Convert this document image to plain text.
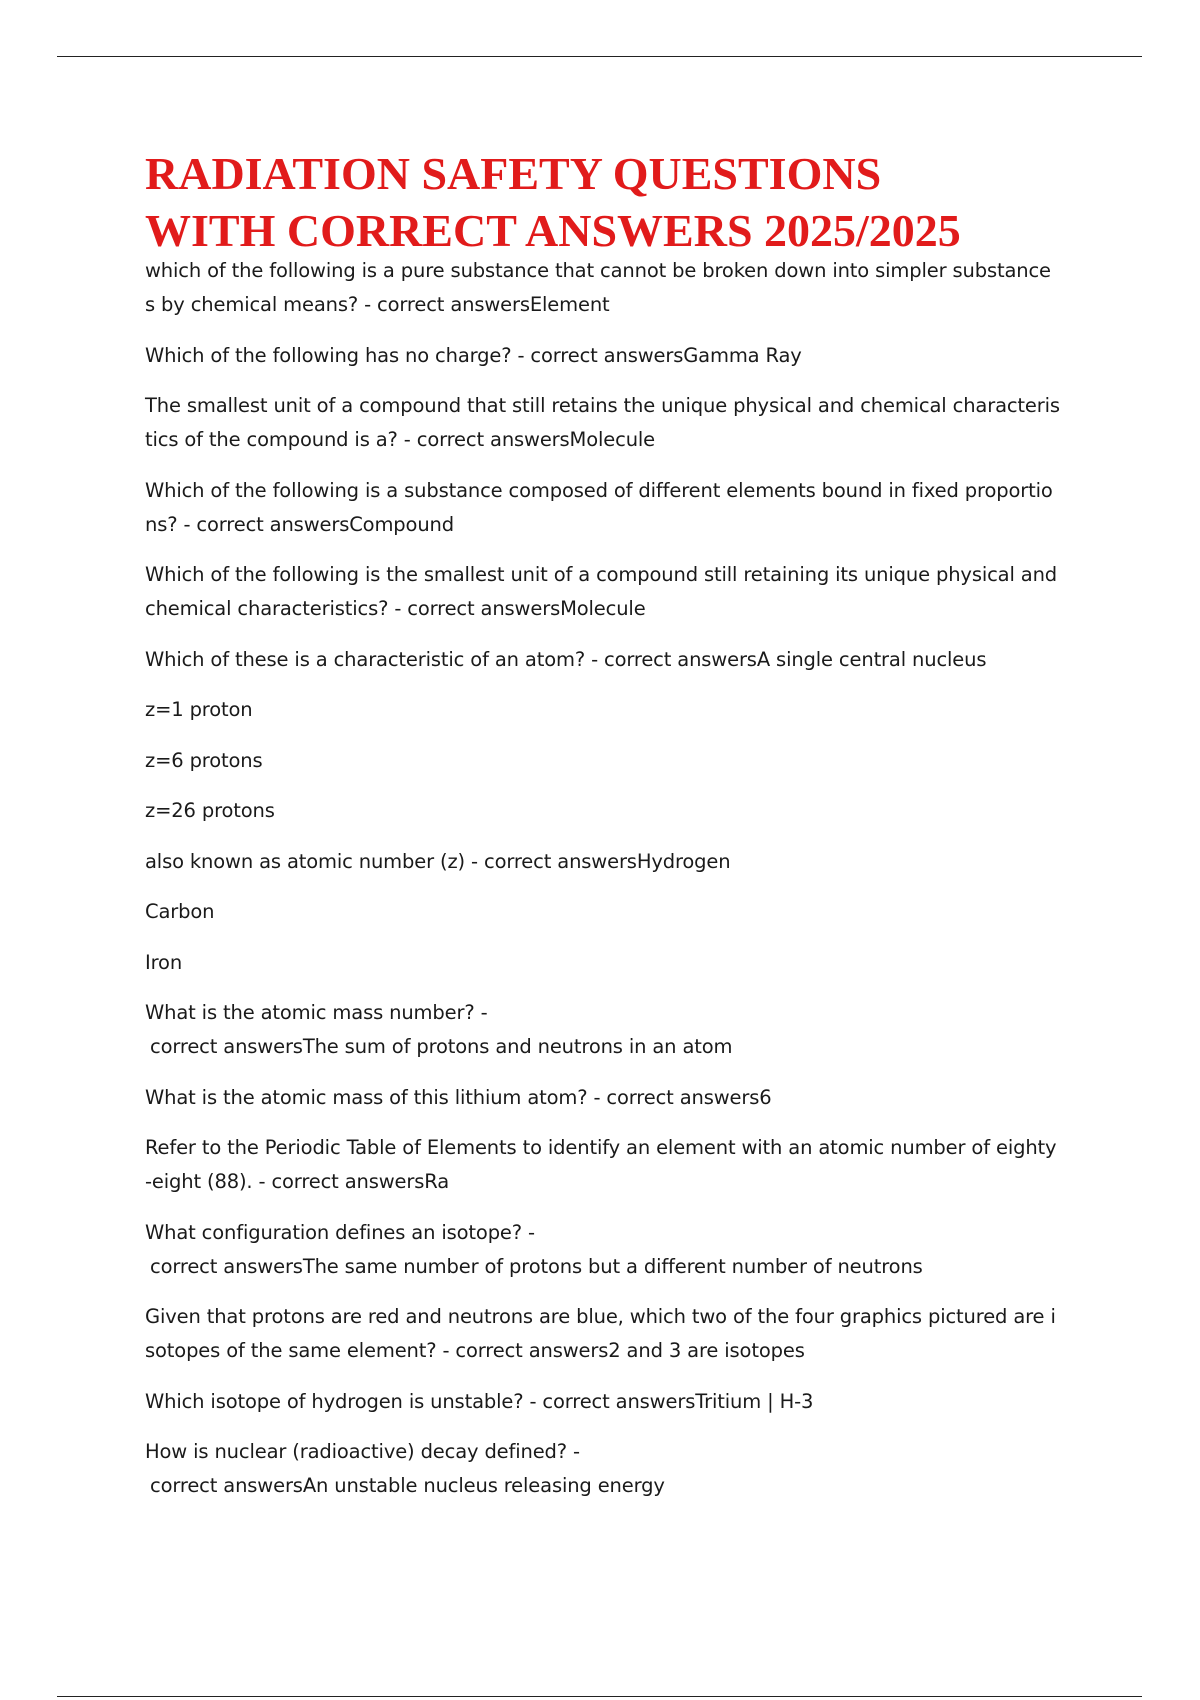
RADIATION SAFETY QUESTIONS
WITH CORRECT ANSWERS 2025/2025

which of the following is a pure substance that cannot be broken down into simpler substances by chemical means? - correct answersElement

Which of the following has no charge? - correct answersGamma Ray

The smallest unit of a compound that still retains the unique physical and chemical characteristics of the compound is a? - correct answersMolecule

Which of the following is a substance composed of different elements bound in fixed proportions? - correct answersCompound

Which of the following is the smallest unit of a compound still retaining its unique physical and chemical characteristics? - correct answersMolecule

Which of these is a characteristic of an atom? - correct answersA single central nucleus

z=1 proton

z=6 protons

z=26 protons

also known as atomic number (z) - correct answersHydrogen

Carbon

Iron

What is the atomic mass number? -
correct answersThe sum of protons and neutrons in an atom

What is the atomic mass of this lithium atom? - correct answers6

Refer to the Periodic Table of Elements to identify an element with an atomic number of eighty-eight (88). - correct answersRa

What configuration defines an isotope? -
correct answersThe same number of protons but a different number of neutrons

Given that protons are red and neutrons are blue, which two of the four graphics pictured are isotopes of the same element? - correct answers2 and 3 are isotopes

Which isotope of hydrogen is unstable? - correct answersTritium | H-3

How is nuclear (radioactive) decay defined? -
correct answersAn unstable nucleus releasing energy
